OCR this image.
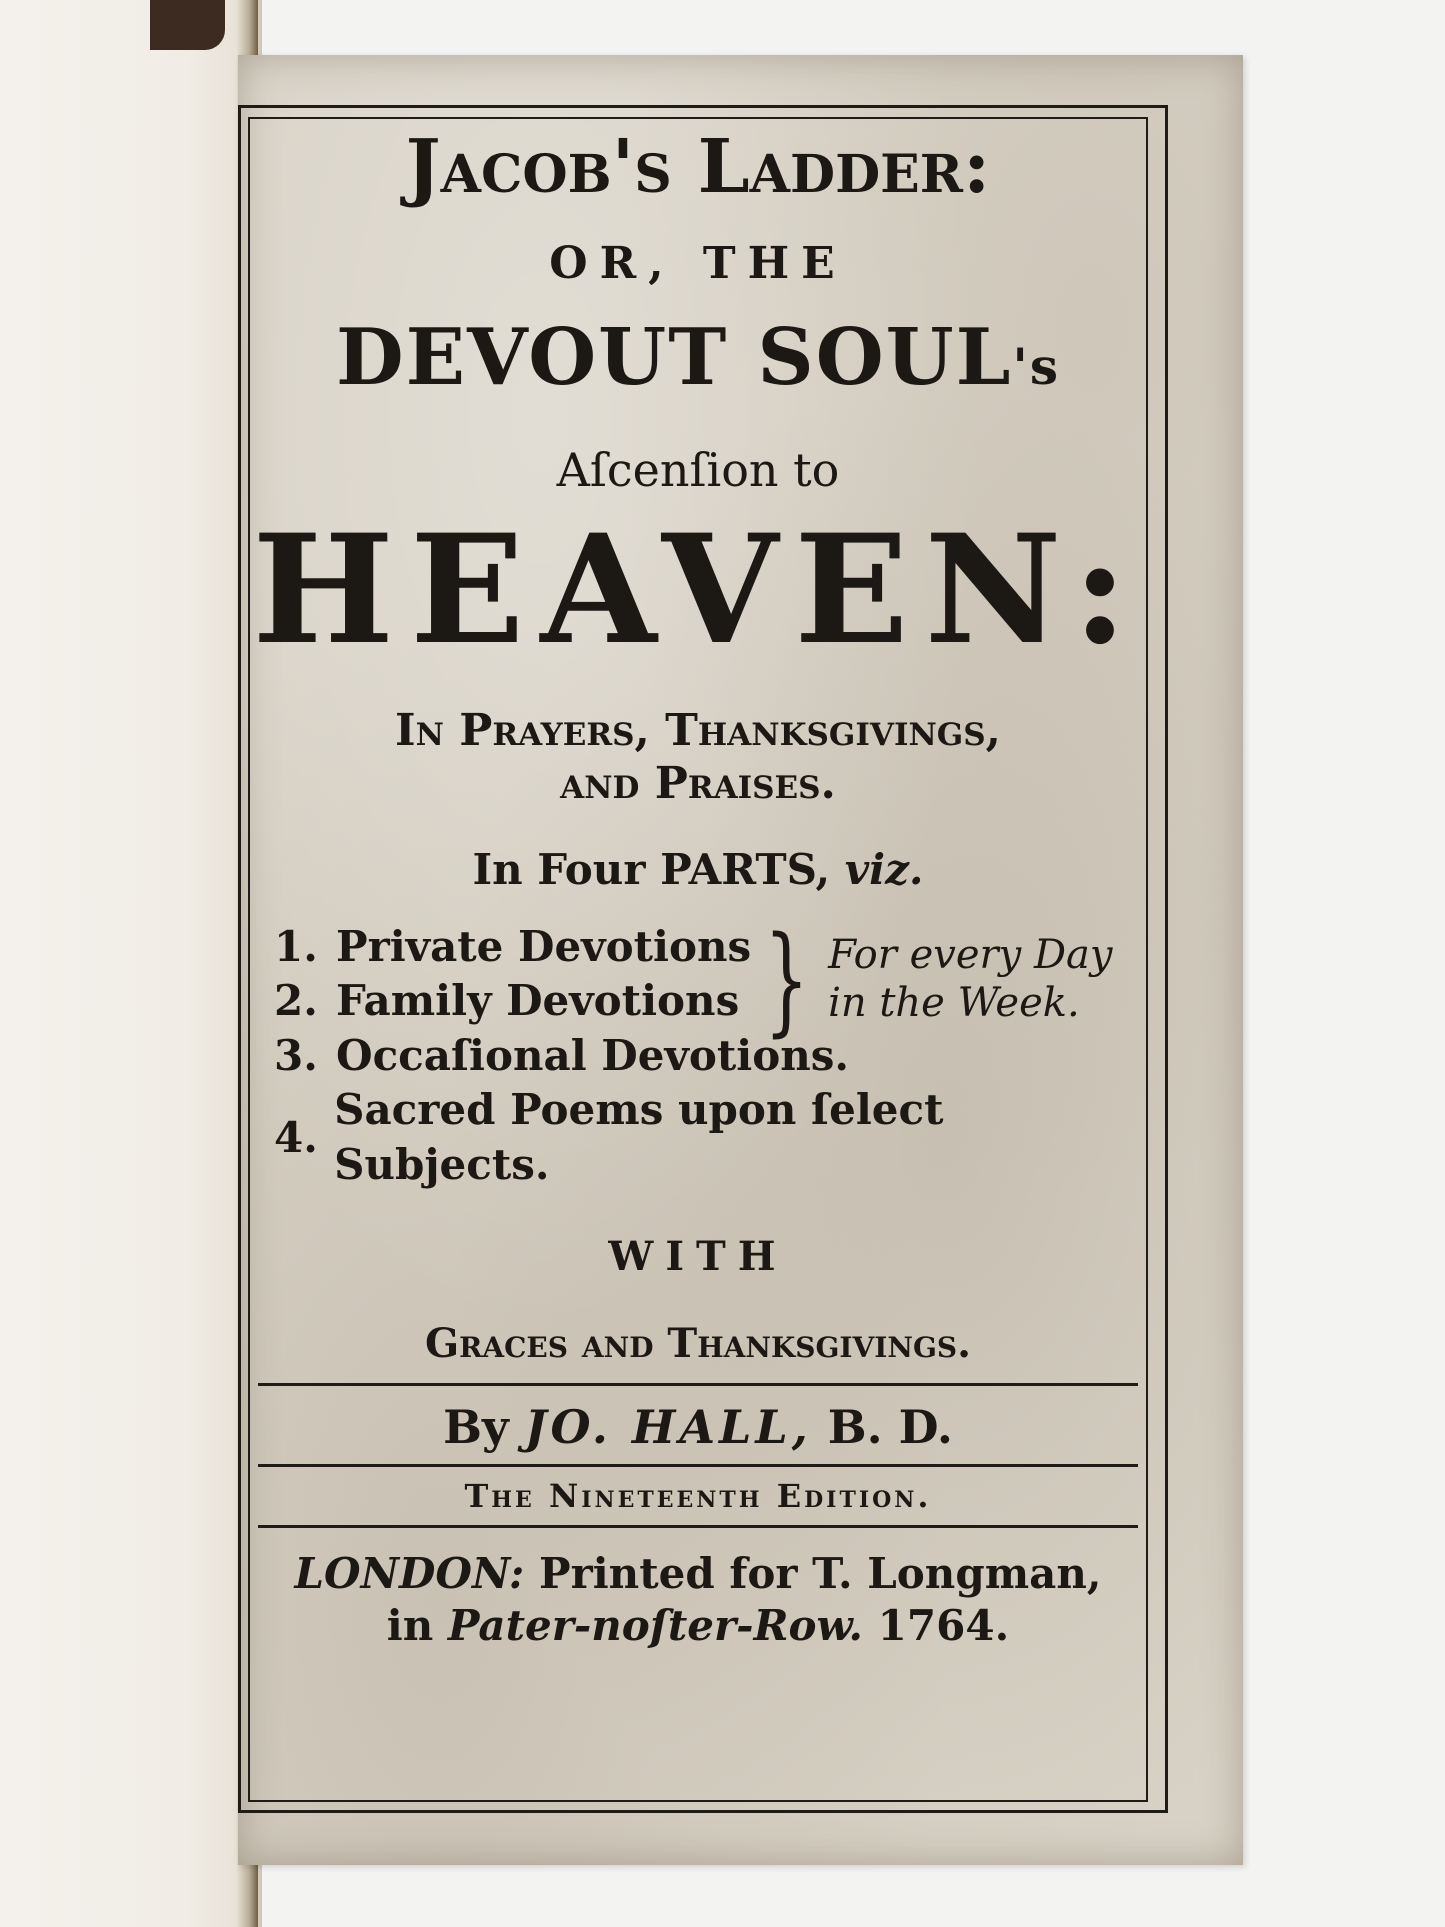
Jacob's Ladder:
OR, THE
DEVOUT SOUL's
Aſcenſion to
HEAVEN:
In Prayers, Thanksgivings,
and Praises.
In Four PARTS, viz.
1. Private Devotions
2. Family Devotions
3. Occaſional Devotions.
4.
Sacred Poems upon ſelect Subjects.
} For every Day
in the Week.
WITH
Graces and Thanksgivings.
By JO. HALL, B. D.
The Nineteenth Edition.
LONDON: Printed for T. Longman,
in Pater-noſter-Row. 1764.
